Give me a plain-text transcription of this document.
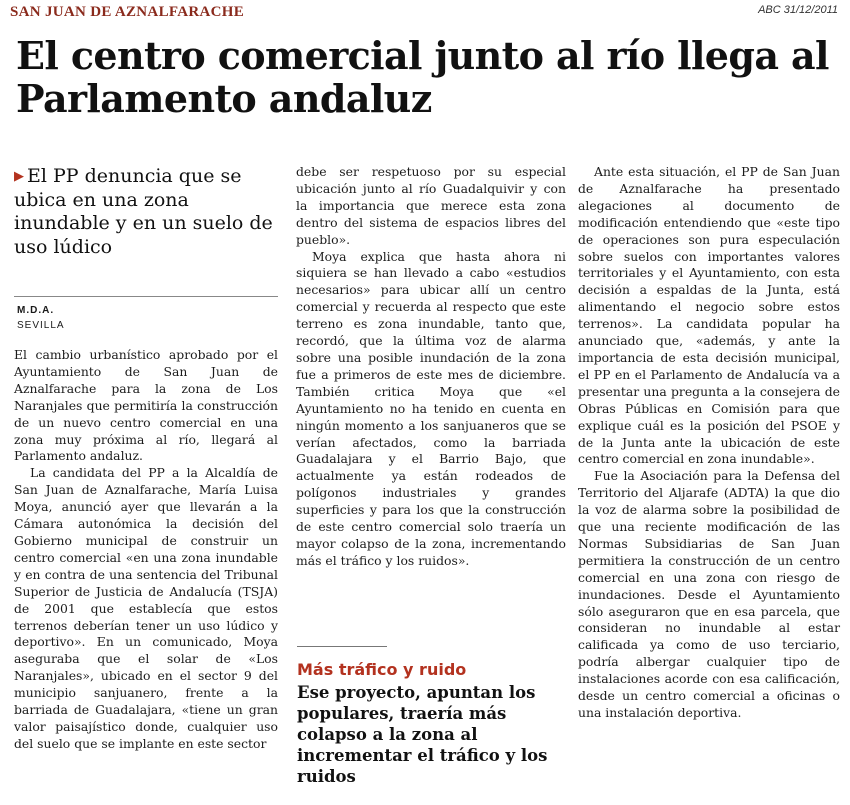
SAN JUAN DE AZNALFARACHE	ABC 31/12/2011
El centro comercial junto al río llega al Parlamento andaluz
▶ El PP denuncia que se ubica en una zona inundable y en un suelo de uso lúdico
M.D.A.
SEVILLA

El cambio urbanístico aprobado por el Ayuntamiento de San Juan de Aznalfarache para la zona de Los Naranjales que permitiría la construcción de un nuevo centro comercial en una zona muy próxima al río, llegará al Parlamento andaluz.

La candidata del PP a la Alcaldía de San Juan de Aznalfarache, María Luisa Moya, anunció ayer que llevarán a la Cámara autonómica la decisión del Gobierno municipal de construir un centro comercial «en una zona inundable y en contra de una sentencia del Tribunal Superior de Justicia de Andalucía (TSJA) de 2001 que establecía que estos terrenos deberían tener un uso lúdico y deportivo». En un comunicado, Moya aseguraba que el solar de «Los Naranjales», ubicado en el sector 9 del municipio sanjuanero, frente a la barriada de Guadalajara, «tiene un gran valor paisajístico donde, cualquier uso del suelo que se implante en este sector

debe ser respetuoso por su especial ubicación junto al río Guadalquivir y con la importancia que merece esta zona dentro del sistema de espacios libres del pueblo».

Moya explica que hasta ahora ni siquiera se han llevado a cabo «estudios necesarios» para ubicar allí un centro comercial y recuerda al respecto que este terreno es zona inundable, tanto que, recordó, que la última voz de alarma sobre una posible inundación de la zona fue a primeros de este mes de diciembre. También critica Moya que «el Ayuntamiento no ha tenido en cuenta en ningún momento a los sanjuaneros que se verían afectados, como la barriada Guadalajara y el Barrio Bajo, que actualmente ya están rodeados de polígonos industriales y grandes superficies y para los que la construcción de este centro comercial solo traería un mayor colapso de la zona, incrementando más el tráfico y los ruidos».

Más tráfico y ruido
Ese proyecto, apuntan los populares, traería más colapso a la zona al incrementar el tráfico y los ruidos

Ante esta situación, el PP de San Juan de Aznalfarache ha presentado alegaciones al documento de modificación entendiendo que «este tipo de operaciones son pura especulación sobre suelos con importantes valores territoriales y el Ayuntamiento, con esta decisión a espaldas de la Junta, está alimentando el negocio sobre estos terrenos». La candidata popular ha anunciado que, «además, y ante la importancia de esta decisión municipal, el PP en el Parlamento de Andalucía va a presentar una pregunta a la consejera de Obras Públicas en Comisión para que explique cuál es la posición del PSOE y de la Junta ante la ubicación de este centro comercial en zona inundable».

Fue la Asociación para la Defensa del Territorio del Aljarafe (ADTA) la que dio la voz de alarma sobre la posibilidad de que una reciente modificación de las Normas Subsidiarias de San Juan permitiera la construcción de un centro comercial en una zona con riesgo de inundaciones. Desde el Ayuntamiento sólo aseguraron que en esa parcela, que consideran no inundable al estar calificada ya como de uso terciario, podría albergar cualquier tipo de instalaciones acorde con esa calificación, desde un centro comercial a oficinas o una instalación deportiva.
